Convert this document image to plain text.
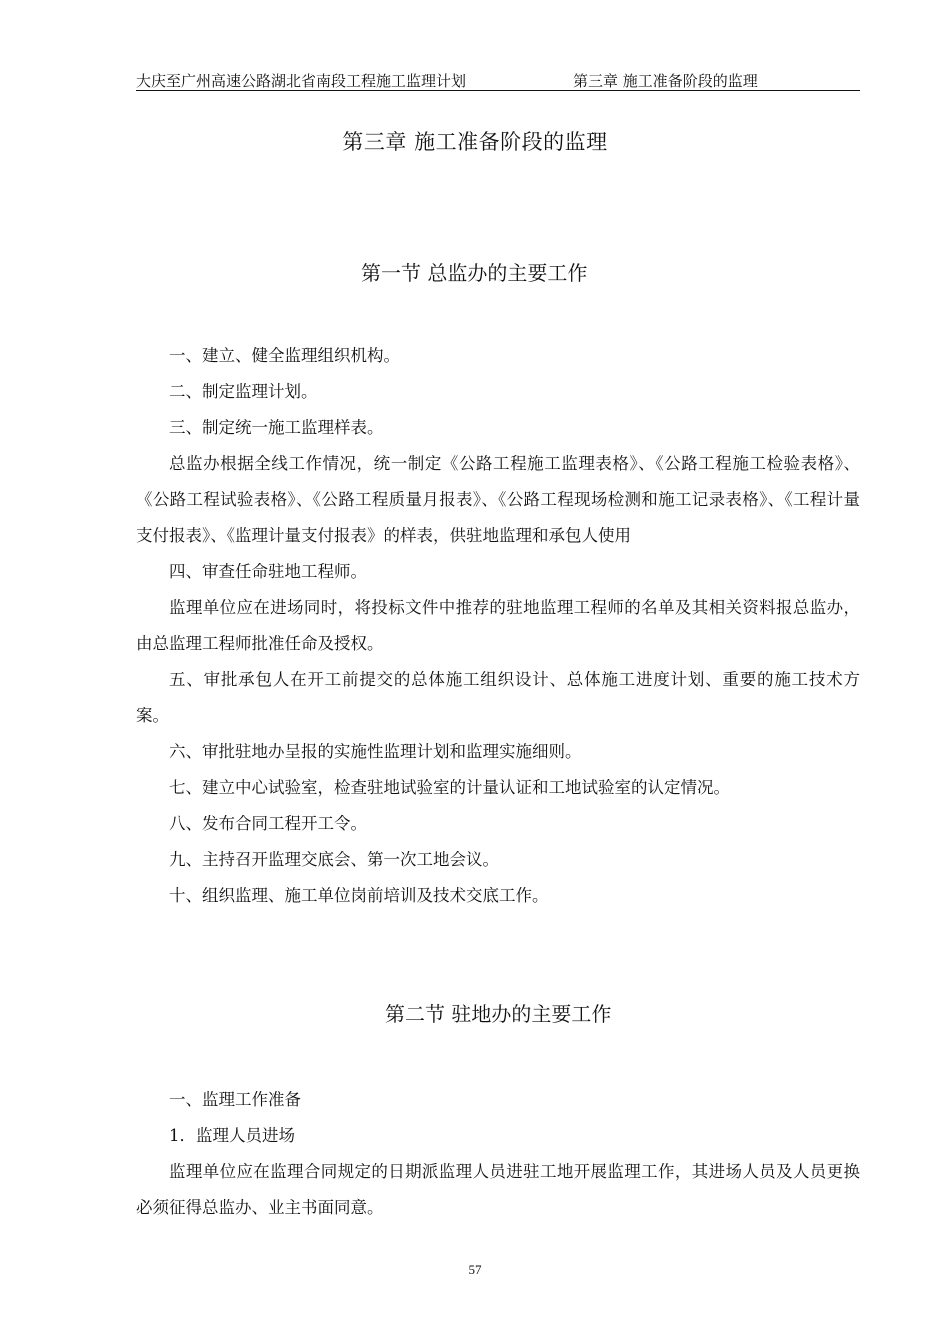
大庆至广州高速公路湖北省南段工程施工监理计划	第三章 施工准备阶段的监理
第三章 施工准备阶段的监理
第一节 总监办的主要工作

一、建立、健全监理组织机构。

二、制定监理计划。

三、制定统一施工监理样表。

总监办根据全线工作情况，统一制定《公路工程施工监理表格》、《公路工程施工检验表格》、《公路工程试验表格》、《公路工程质量月报表》、《公路工程现场检测和施工记录表格》、《工程计量支付报表》、《监理计量支付报表》的样表，供驻地监理和承包人使用

四、审查任命驻地工程师。

监理单位应在进场同时，将投标文件中推荐的驻地监理工程师的名单及其相关资料报总监办，由总监理工程师批准任命及授权。

五、审批承包人在开工前提交的总体施工组织设计、总体施工进度计划、重要的施工技术方案。

六、审批驻地办呈报的实施性监理计划和监理实施细则。

七、建立中心试验室，检查驻地试验室的计量认证和工地试验室的认定情况。

八、发布合同工程开工令。

九、主持召开监理交底会、第一次工地会议。

十、组织监理、施工单位岗前培训及技术交底工作。

第二节 驻地办的主要工作

一、监理工作准备

1．监理人员进场

监理单位应在监理合同规定的日期派监理人员进驻工地开展监理工作，其进场人员及人员更换必须征得总监办、业主书面同意。

57
